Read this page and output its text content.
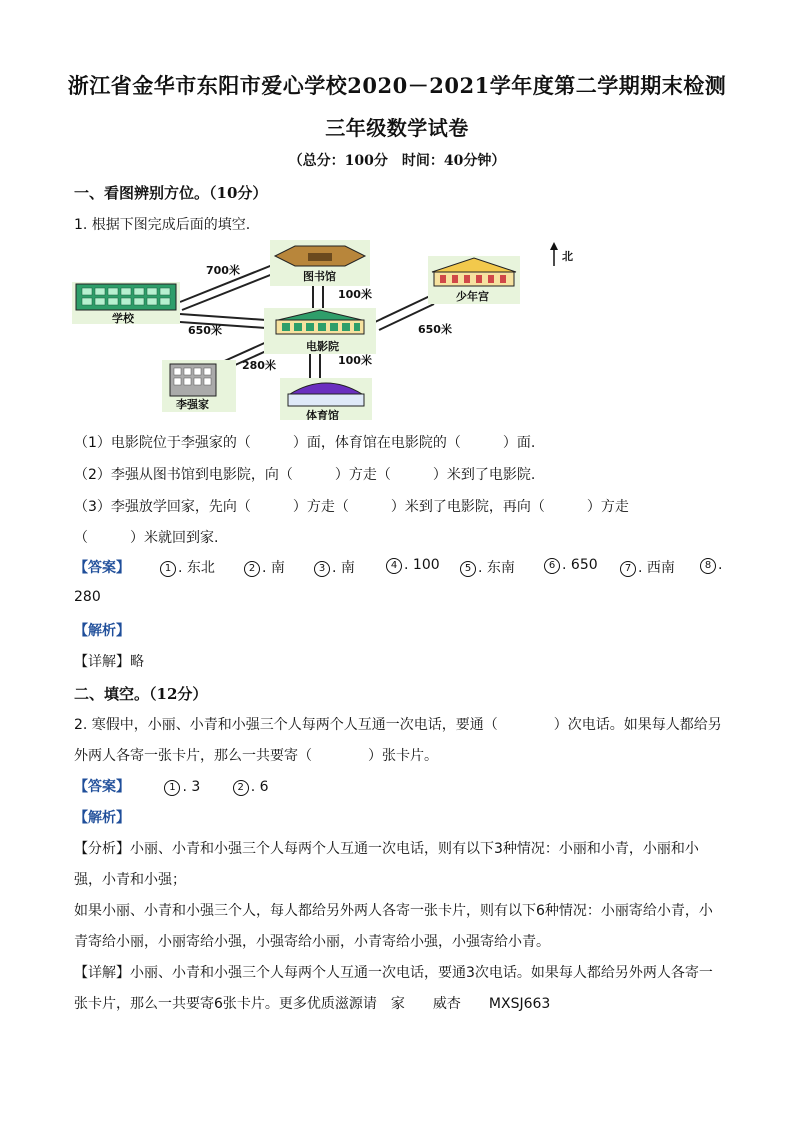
浙江省金华市东阳市爱心学校2020－2021学年度第二学期期末检测
三年级数学试卷
（总分：100分　时间：40分钟）
一、看图辨别方位。（10分）
1. 根据下图完成后面的填空.
图书馆
学校
少年宫
电影院
李强家
体育馆
700米
100米
650米	650米
280米	100米
北
（1）电影院位于李强家的（　　　）面，体育馆在电影院的（　　　）面.
（2）李强从图书馆到电影院，向（　　　）方走（　　　）米到了电影院.
（3）李强放学回家，先向（　　　）方走（　　　）米到了电影院，再向（　　　）方走
（　　　）米就回到家.
【答案】	1 . 东北	2 . 南	3 . 南	4 . 100	5 . 东南	6 . 650	7 . 西南	8 .
280
【解析】
【详解】略
二、填空。（12分）
2. 寒假中，小丽、小青和小强三个人每两个人互通一次电话，要通（　　　　）次电话。如果每人都给另
外两人各寄一张卡片，那么一共要寄（　　　　）张卡片。
【答案】	1 . 3	2 . 6
【解析】
【分析】小丽、小青和小强三个人每两个人互通一次电话，则有以下3种情况：小丽和小青，小丽和小
强，小青和小强；
如果小丽、小青和小强三个人，每人都给另外两人各寄一张卡片，则有以下6种情况：小丽寄给小青，小
青寄给小丽，小丽寄给小强，小强寄给小丽，小青寄给小强，小强寄给小青。
【详解】小丽、小青和小强三个人每两个人互通一次电话，要通3次电话。如果每人都给另外两人各寄一
张卡片，那么一共要寄6张卡片。更多优质滋源请　家　　威杏　　MXSJ663
